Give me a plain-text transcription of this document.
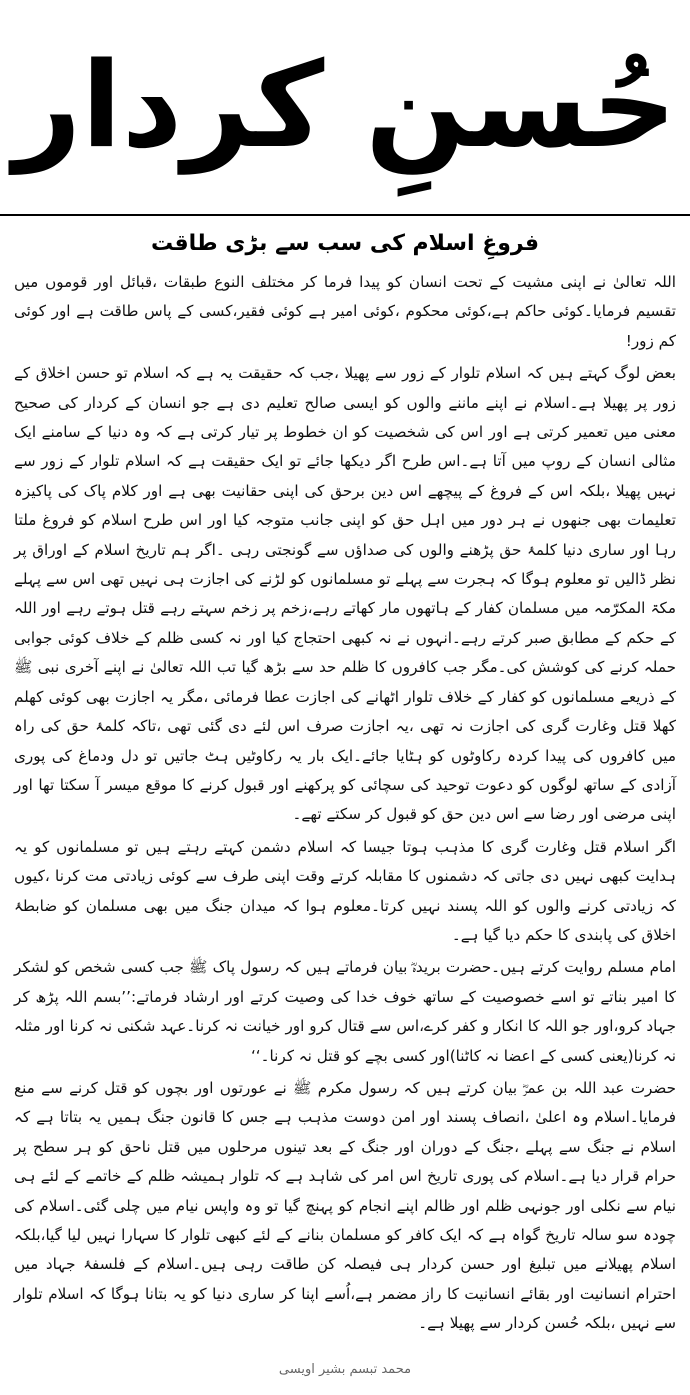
حُسنِ کردار
فروغِ اسلام کی سب سے بڑی طاقت

اللہ تعالیٰ نے اپنی مشیت کے تحت انسان کو پیدا فرما کر مختلف النوع طبقات ،قبائل اور قوموں میں تقسیم فرمایا۔کوئی حاکم ہے،کوئی محکوم ،کوئی امیر ہے کوئی فقیر،کسی کے پاس طاقت ہے اور کوئی کم زور!

بعض لوگ کہتے ہیں کہ اسلام تلوار کے زور سے پھیلا ،جب کہ حقیقت یہ ہے کہ اسلام تو حسن اخلاق کے زور پر پھیلا ہے۔اسلام نے اپنے ماننے والوں کو ایسی صالح تعلیم دی ہے جو انسان کے کردار کی صحیح معنی میں تعمیر کرتی ہے اور اس کی شخصیت کو ان خطوط پر تیار کرتی ہے کہ وہ دنیا کے سامنے ایک مثالی انسان کے روپ میں آتا ہے۔اس طرح اگر دیکھا جائے تو ایک حقیقت ہے کہ اسلام تلوار کے زور سے نہیں پھیلا ،بلکہ اس کے فروغ کے پیچھے اس دین برحق کی اپنی حقانیت بھی ہے اور کلام پاک کی پاکیزہ تعلیمات بھی جنھوں نے ہر دور میں اہل حق کو اپنی جانب متوجہ کیا اور اس طرح اسلام کو فروغ ملتا رہا اور ساری دنیا کلمۂ حق پڑھنے والوں کی صداؤں سے گونجتی رہی ۔اگر ہم تاریخ اسلام کے اوراق پر نظر ڈالیں تو معلوم ہوگا کہ ہجرت سے پہلے تو مسلمانوں کو لڑنے کی اجازت ہی نہیں تھی اس سے پہلے مکۃ المکرّمہ میں مسلمان کفار کے ہاتھوں مار کھاتے رہے،زخم پر زخم سہتے رہے قتل ہوتے رہے اور اللہ کے حکم کے مطابق صبر کرتے رہے۔انہوں نے نہ کبھی احتجاج کیا اور نہ کسی ظلم کے خلاف کوئی جوابی حملہ کرنے کی کوشش کی۔مگر جب کافروں کا ظلم حد سے بڑھ گیا تب اللہ تعالیٰ نے اپنے آخری نبی ﷺ کے ذریعے مسلمانوں کو کفار کے خلاف تلوار اٹھانے کی اجازت عطا فرمائی ،مگر یہ اجازت بھی کوئی کھلم کھلا قتل وغارت گری کی اجازت نہ تھی ،یہ اجازت صرف اس لئے دی گئی تھی ،تاکہ کلمۂ حق کی راہ میں کافروں کی پیدا کردہ رکاوٹوں کو ہٹایا جائے۔ایک بار یہ رکاوٹیں ہٹ جاتیں تو دل ودماغ کی پوری آزادی کے ساتھ لوگوں کو دعوت توحید کی سچائی کو پرکھنے اور قبول کرنے کا موقع میسر آ سکتا تھا اور اپنی مرضی اور رضا سے اس دین حق کو قبول کر سکتے تھے۔

اگر اسلام قتل وغارت گری کا مذہب ہوتا جیسا کہ اسلام دشمن کہتے رہتے ہیں تو مسلمانوں کو یہ ہدایت کبھی نہیں دی جاتی کہ دشمنوں کا مقابلہ کرتے وقت اپنی طرف سے کوئی زیادتی مت کرنا ،کیوں کہ زیادتی کرنے والوں کو اللہ پسند نہیں کرتا۔معلوم ہوا کہ میدان جنگ میں بھی مسلمان کو ضابطۂ اخلاق کی پابندی کا حکم دیا گیا ہے۔

امام مسلم روایت کرتے ہیں۔حضرت بریدہؓ بیان فرماتے ہیں کہ رسول پاک ﷺ جب کسی شخص کو لشکر کا امیر بناتے تو اسے خصوصیت کے ساتھ خوف خدا کی وصیت کرتے اور ارشاد فرماتے:’’بسم اللہ پڑھ کر جہاد کرو،اور جو اللہ کا انکار و کفر کرے،اس سے قتال کرو اور خیانت نہ کرنا۔عہد شکنی نہ کرنا اور مثلہ نہ کرنا(یعنی کسی کے اعضا نہ کاٹنا)اور کسی بچے کو قتل نہ کرنا۔‘‘

حضرت عبد اللہ بن عمرؓ بیان کرتے ہیں کہ رسول مکرم ﷺ نے عورتوں اور بچوں کو قتل کرنے سے منع فرمایا۔اسلام وہ اعلیٰ ،انصاف پسند اور امن دوست مذہب ہے جس کا قانون جنگ ہمیں یہ بتاتا ہے کہ اسلام نے جنگ سے پہلے ،جنگ کے دوران اور جنگ کے بعد تینوں مرحلوں میں قتل ناحق کو ہر سطح پر حرام قرار دیا ہے۔اسلام کی پوری تاریخ اس امر کی شاہد ہے کہ تلوار ہمیشہ ظلم کے خاتمے کے لئے ہی نیام سے نکلی اور جونہی ظلم اور ظالم اپنے انجام کو پہنچ گیا تو وہ واپس نیام میں چلی گئی۔اسلام کی چودہ سو سالہ تاریخ گواہ ہے کہ ایک کافر کو مسلمان بنانے کے لئے کبھی تلوار کا سہارا نہیں لیا گیا،بلکہ اسلام پھیلانے میں تبلیغ اور حسن کردار ہی فیصلہ کن طاقت رہی ہیں۔اسلام کے فلسفۂ جہاد میں احترام انسانیت اور بقائے انسانیت کا راز مضمر ہے،اُسے اپنا کر ساری دنیا کو یہ بتانا ہوگا کہ اسلام تلوار سے نہیں ،بلکہ حُسن کردار سے پھیلا ہے۔

محمد تبسم بشیر اویسی
